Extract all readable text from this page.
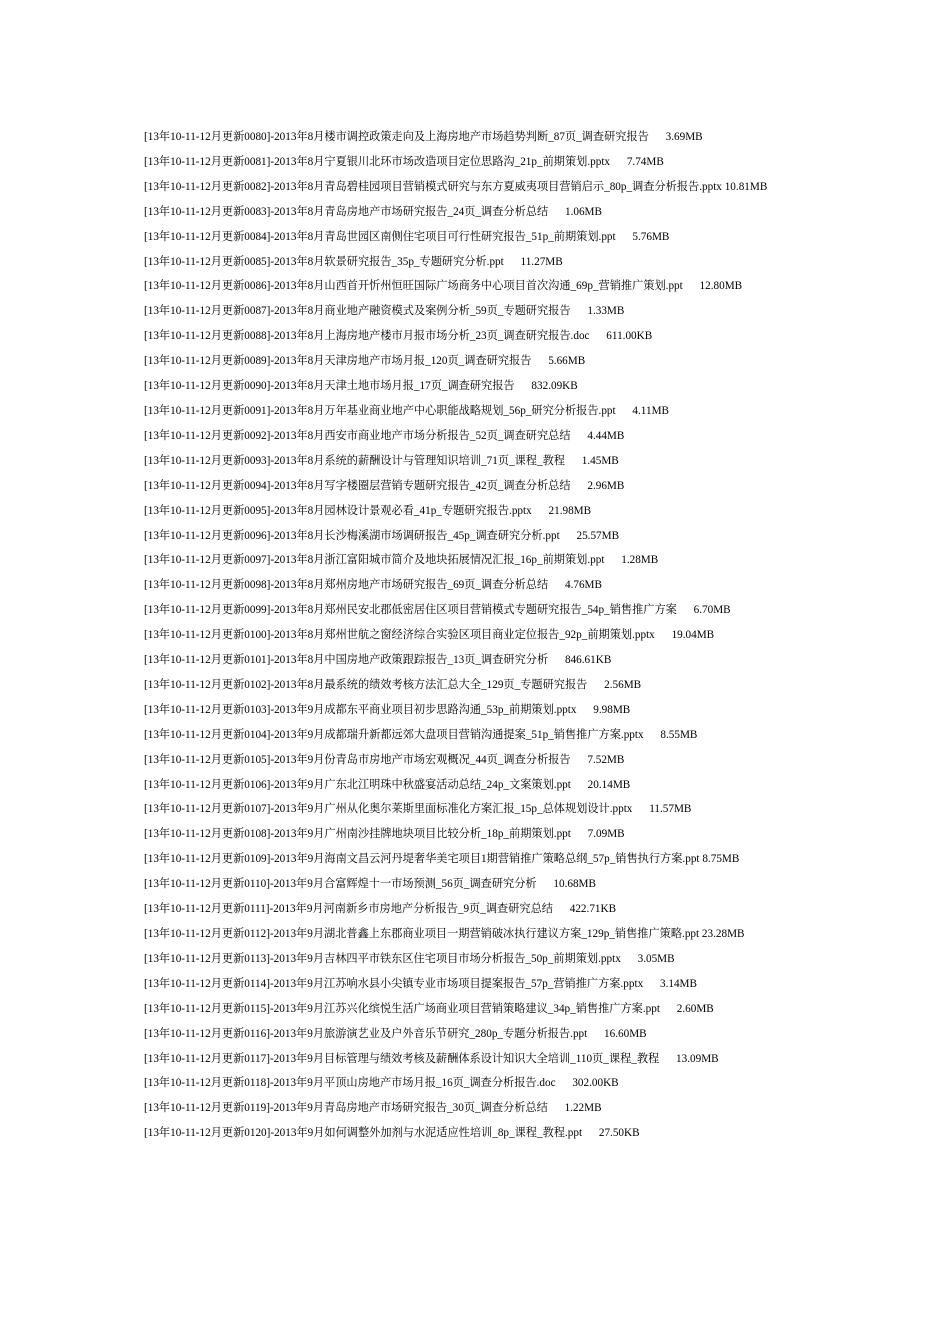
[13年10-11-12月更新0080]-2013年8月楼市调控政策走向及上海房地产市场趋势判断_87页_调查研究报告 3.69MB
[13年10-11-12月更新0081]-2013年8月宁夏银川北环市场改造项目定位思路沟_21p_前期策划.pptx 7.74MB
[13年10-11-12月更新0082]-2013年8月青岛碧桂园项目营销模式研究与东方夏威夷项目营销启示_80p_调查分析报告.pptx 10.81MB
[13年10-11-12月更新0083]-2013年8月青岛房地产市场研究报告_24页_调查分析总结 1.06MB
[13年10-11-12月更新0084]-2013年8月青岛世园区南侧住宅项目可行性研究报告_51p_前期策划.ppt 5.76MB
[13年10-11-12月更新0085]-2013年8月软景研究报告_35p_专题研究分析.ppt 11.27MB
[13年10-11-12月更新0086]-2013年8月山西首开忻州恒旺国际广场商务中心项目首次沟通_69p_营销推广策划.ppt 12.80MB
[13年10-11-12月更新0087]-2013年8月商业地产融资模式及案例分析_59页_专题研究报告 1.33MB
[13年10-11-12月更新0088]-2013年8月上海房地产楼市月报市场分析_23页_调查研究报告.doc 611.00KB
[13年10-11-12月更新0089]-2013年8月天津房地产市场月报_120页_调查研究报告 5.66MB
[13年10-11-12月更新0090]-2013年8月天津土地市场月报_17页_调查研究报告 832.09KB
[13年10-11-12月更新0091]-2013年8月万年基业商业地产中心职能战略规划_56p_研究分析报告.ppt 4.11MB
[13年10-11-12月更新0092]-2013年8月西安市商业地产市场分析报告_52页_调查研究总结 4.44MB
[13年10-11-12月更新0093]-2013年8月系统的薪酬设计与管理知识培训_71页_课程_教程 1.45MB
[13年10-11-12月更新0094]-2013年8月写字楼圈层营销专题研究报告_42页_调查分析总结 2.96MB
[13年10-11-12月更新0095]-2013年8月园林设计景观必看_41p_专题研究报告.pptx 21.98MB
[13年10-11-12月更新0096]-2013年8月长沙梅溪湖市场调研报告_45p_调查研究分析.ppt 25.57MB
[13年10-11-12月更新0097]-2013年8月浙江富阳城市简介及地块拓展情况汇报_16p_前期策划.ppt 1.28MB
[13年10-11-12月更新0098]-2013年8月郑州房地产市场研究报告_69页_调查分析总结 4.76MB
[13年10-11-12月更新0099]-2013年8月郑州民安北郡低密居住区项目营销模式专题研究报告_54p_销售推广方案 6.70MB
[13年10-11-12月更新0100]-2013年8月郑州世航之窗经济综合实验区项目商业定位报告_92p_前期策划.pptx 19.04MB
[13年10-11-12月更新0101]-2013年8月中国房地产政策跟踪报告_13页_调查研究分析 846.61KB
[13年10-11-12月更新0102]-2013年8月最系统的绩效考核方法汇总大全_129页_专题研究报告 2.56MB
[13年10-11-12月更新0103]-2013年9月成都东平商业项目初步思路沟通_53p_前期策划.pptx 9.98MB
[13年10-11-12月更新0104]-2013年9月成都瑞升新都远郊大盘项目营销沟通提案_51p_销售推广方案.pptx 8.55MB
[13年10-11-12月更新0105]-2013年9月份青岛市房地产市场宏观概况_44页_调查分析报告 7.52MB
[13年10-11-12月更新0106]-2013年9月广东北江明珠中秋盛宴活动总结_24p_文案策划.ppt 20.14MB
[13年10-11-12月更新0107]-2013年9月广州从化奥尔莱斯里面标准化方案汇报_15p_总体规划设计.pptx 11.57MB
[13年10-11-12月更新0108]-2013年9月广州南沙挂牌地块项目比较分析_18p_前期策划.ppt 7.09MB
[13年10-11-12月更新0109]-2013年9月海南文昌云河丹堤奢华美宅项目1期营销推广策略总纲_57p_销售执行方案.ppt 8.75MB
[13年10-11-12月更新0110]-2013年9月合富辉煌十一市场预测_56页_调查研究分析 10.68MB
[13年10-11-12月更新0111]-2013年9月河南新乡市房地产分析报告_9页_调查研究总结 422.71KB
[13年10-11-12月更新0112]-2013年9月湖北普鑫上东郡商业项目一期营销破冰执行建议方案_129p_销售推广策略.ppt 23.28MB
[13年10-11-12月更新0113]-2013年9月吉林四平市铁东区住宅项目市场分析报告_50p_前期策划.pptx 3.05MB
[13年10-11-12月更新0114]-2013年9月江苏响水县小尖镇专业市场项目提案报告_57p_营销推广方案.pptx 3.14MB
[13年10-11-12月更新0115]-2013年9月江苏兴化缤悦生活广场商业项目营销策略建议_34p_销售推广方案.ppt 2.60MB
[13年10-11-12月更新0116]-2013年9月旅游演艺业及户外音乐节研究_280p_专题分析报告.ppt 16.60MB
[13年10-11-12月更新0117]-2013年9月目标管理与绩效考核及薪酬体系设计知识大全培训_110页_课程_教程 13.09MB
[13年10-11-12月更新0118]-2013年9月平顶山房地产市场月报_16页_调查分析报告.doc 302.00KB
[13年10-11-12月更新0119]-2013年9月青岛房地产市场研究报告_30页_调查分析总结 1.22MB
[13年10-11-12月更新0120]-2013年9月如何调整外加剂与水泥适应性培训_8p_课程_教程.ppt 27.50KB
